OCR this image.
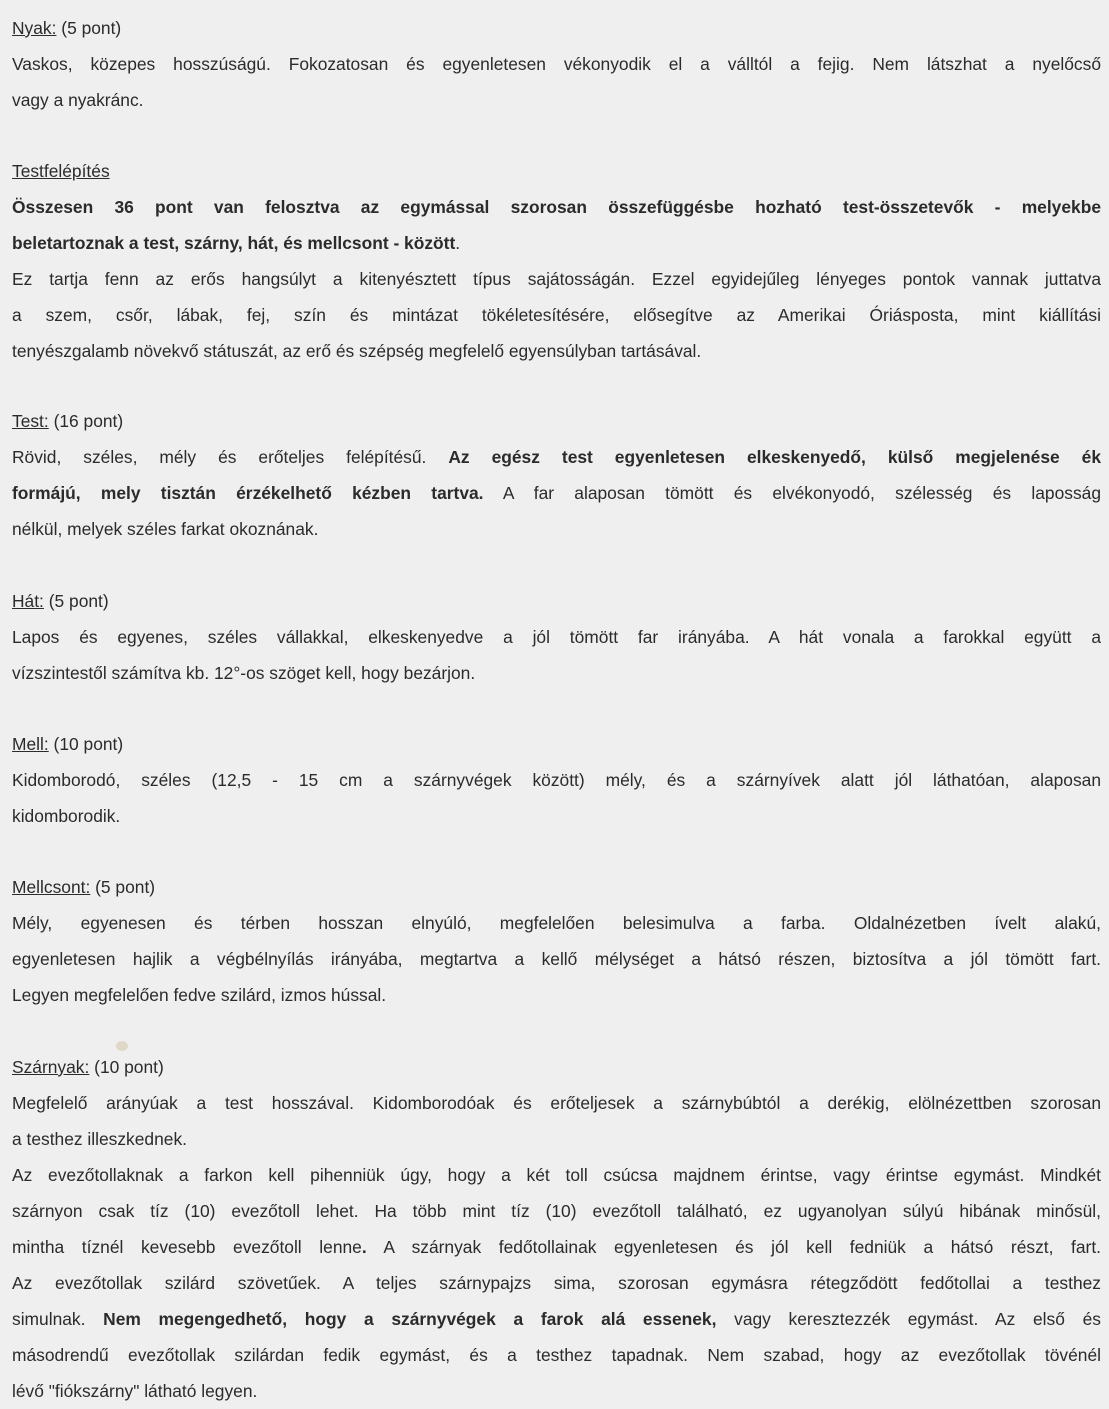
Nyak: (5 pont)
Vaskos, közepes hosszúságú. Fokozatosan és egyenletesen vékonyodik el a válltól a fejig. Nem látszhat a nyelőcső
vagy a nyakránc.
Testfelépítés
Összesen 36 pont van felosztva az egymással szorosan összefüggésbe hozható test-összetevők - melyekbe
beletartoznak a test, szárny, hát, és mellcsont - között.
Ez tartja fenn az erős hangsúlyt a kitenyésztett típus sajátosságán. Ezzel egyidejűleg lényeges pontok vannak juttatva
a szem, csőr, lábak, fej, szín és mintázat tökéletesítésére, elősegítve az Amerikai Óriásposta, mint kiállítási
tenyészgalamb növekvő státuszát, az erő és szépség megfelelő egyensúlyban tartásával.
Test: (16 pont)
Rövid, széles, mély és erőteljes felépítésű. Az egész test egyenletesen elkeskenyedő, külső megjelenése ék
formájú, mely tisztán érzékelhető kézben tartva. A far alaposan tömött és elvékonyodó, szélesség és laposság
nélkül, melyek széles farkat okoznának.
Hát: (5 pont)
Lapos és egyenes, széles vállakkal, elkeskenyedve a jól tömött far irányába. A hát vonala a farokkal együtt a
vízszintestől számítva kb. 12°-os szöget kell, hogy bezárjon.
Mell: (10 pont)
Kidomborodó, széles (12,5 - 15 cm a szárnyvégek között) mély, és a szárnyívek alatt jól láthatóan, alaposan
kidomborodik.
Mellcsont: (5 pont)
Mély, egyenesen és térben hosszan elnyúló, megfelelően belesimulva a farba. Oldalnézetben ívelt alakú,
egyenletesen hajlik a végbélnyílás irányába, megtartva a kellő mélységet a hátsó részen, biztosítva a jól tömött fart.
Legyen megfelelően fedve szilárd, izmos hússal.
Szárnyak: (10 pont)
Megfelelő arányúak a test hosszával. Kidomborodóak és erőteljesek a szárnybúbtól a derékig, elölnézettben szorosan
a testhez illeszkednek.
Az evezőtollaknak a farkon kell pihenniük úgy, hogy a két toll csúcsa majdnem érintse, vagy érintse egymást. Mindkét
szárnyon csak tíz (10) evezőtoll lehet. Ha több mint tíz (10) evezőtoll található, ez ugyanolyan súlyú hibának minősül,
mintha tíznél kevesebb evezőtoll lenne. A szárnyak fedőtollainak egyenletesen és jól kell fedniük a hátsó részt, fart.
Az evezőtollak szilárd szövetűek. A teljes szárnypajzs sima, szorosan egymásra rétegződött fedőtollai a testhez
simulnak. Nem megengedhető, hogy a szárnyvégek a farok alá essenek, vagy keresztezzék egymást. Az első és
másodrendű evezőtollak szilárdan fedik egymást, és a testhez tapadnak. Nem szabad, hogy az evezőtollak tövénél
lévő "fiókszárny" látható legyen.
